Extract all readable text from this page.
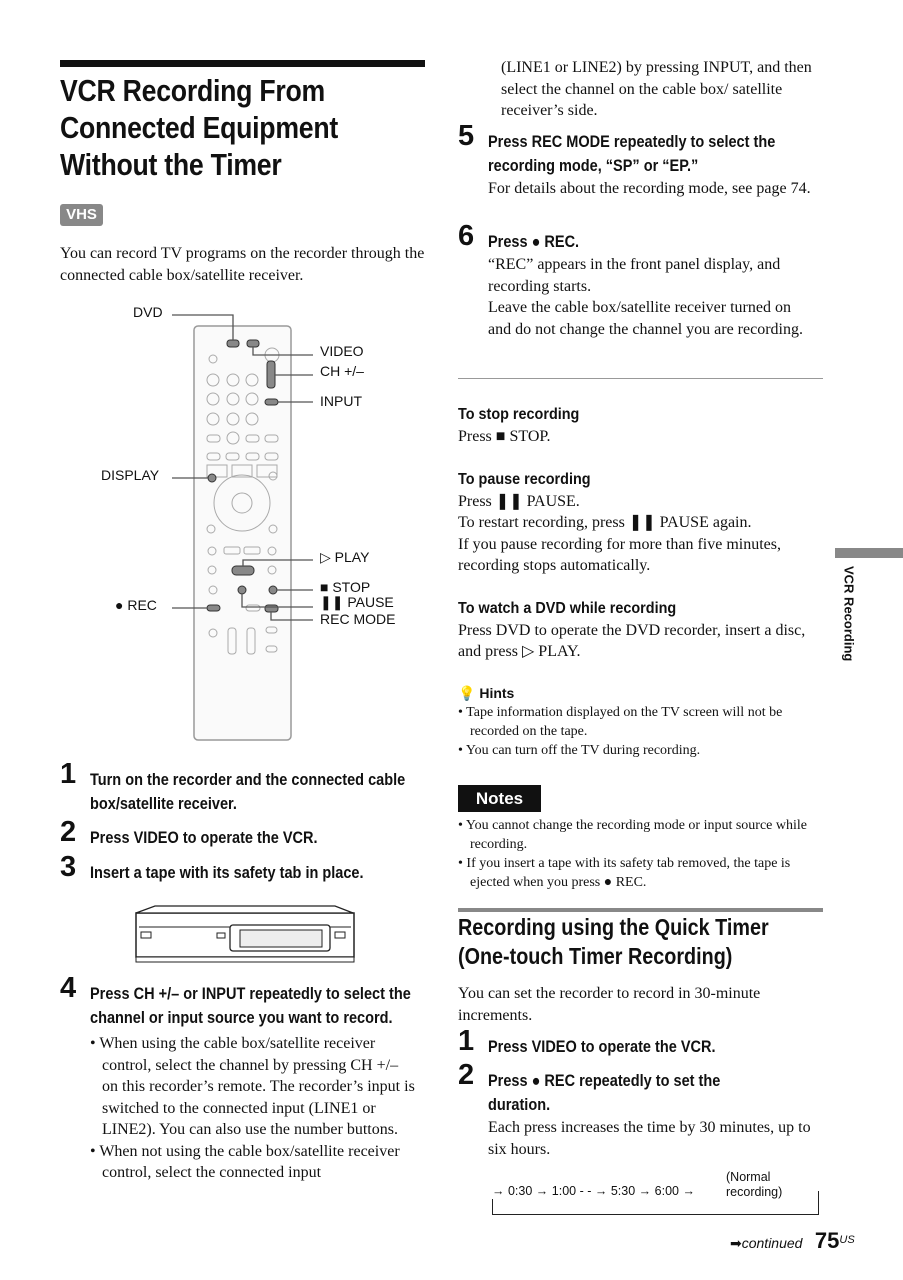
VCR Recording From
Connected Equipment
Without the Timer
VHS
You can record TV programs on the recorder through the connected cable box/satellite receiver.
DVD
VIDEO
CH +/–
INPUT
DISPLAY
▷ PLAY
■ STOP
❚❚ PAUSE
REC MODE
● REC
1 Turn on the recorder and the connected cable box/satellite receiver.
2 Press VIDEO to operate the VCR.
3 Insert a tape with its safety tab in place.
4 Press CH +/– or INPUT repeatedly to select the channel or input source you want to record.
• When using the cable box/satellite receiver control, select the channel by pressing CH +/– on this recorder’s remote. The recorder’s input is switched to the connected input (LINE1 or LINE2). You can also use the number buttons.
• When not using the cable box/satellite receiver control, select the connected input
(LINE1 or LINE2) by pressing INPUT, and then select the channel on the cable box/ satellite receiver’s side.
5 Press REC MODE repeatedly to select the recording mode, “SP” or “EP.”
For details about the recording mode, see page 74.
6 Press ● REC.
“REC” appears in the front panel display, and recording starts.
Leave the cable box/satellite receiver turned on and do not change the channel you are recording.
To stop recording
Press ■ STOP.
To pause recording
Press ❚❚ PAUSE.
To restart recording, press ❚❚ PAUSE again.
If you pause recording for more than five minutes, recording stops automatically.
To watch a DVD while recording
Press DVD to operate the DVD recorder, insert a disc, and press ▷ PLAY.
💡 Hints
• Tape information displayed on the TV screen will not be recorded on the tape.
• You can turn off the TV during recording.
Notes
• You cannot change the recording mode or input source while recording.
• If you insert a tape with its safety tab removed, the tape is ejected when you press ● REC.
Recording using the Quick Timer
(One-touch Timer Recording)
You can set the recorder to record in 30-minute increments.
1 Press VIDEO to operate the VCR.
2 Press ● REC repeatedly to set the duration.
Each press increases the time by 30 minutes, up to six hours.
→ 0:30 → 1:00 - - → 5:30 → 6:00 →
(Normal recording)
VCR Recording
➡continued $75^{US}$
